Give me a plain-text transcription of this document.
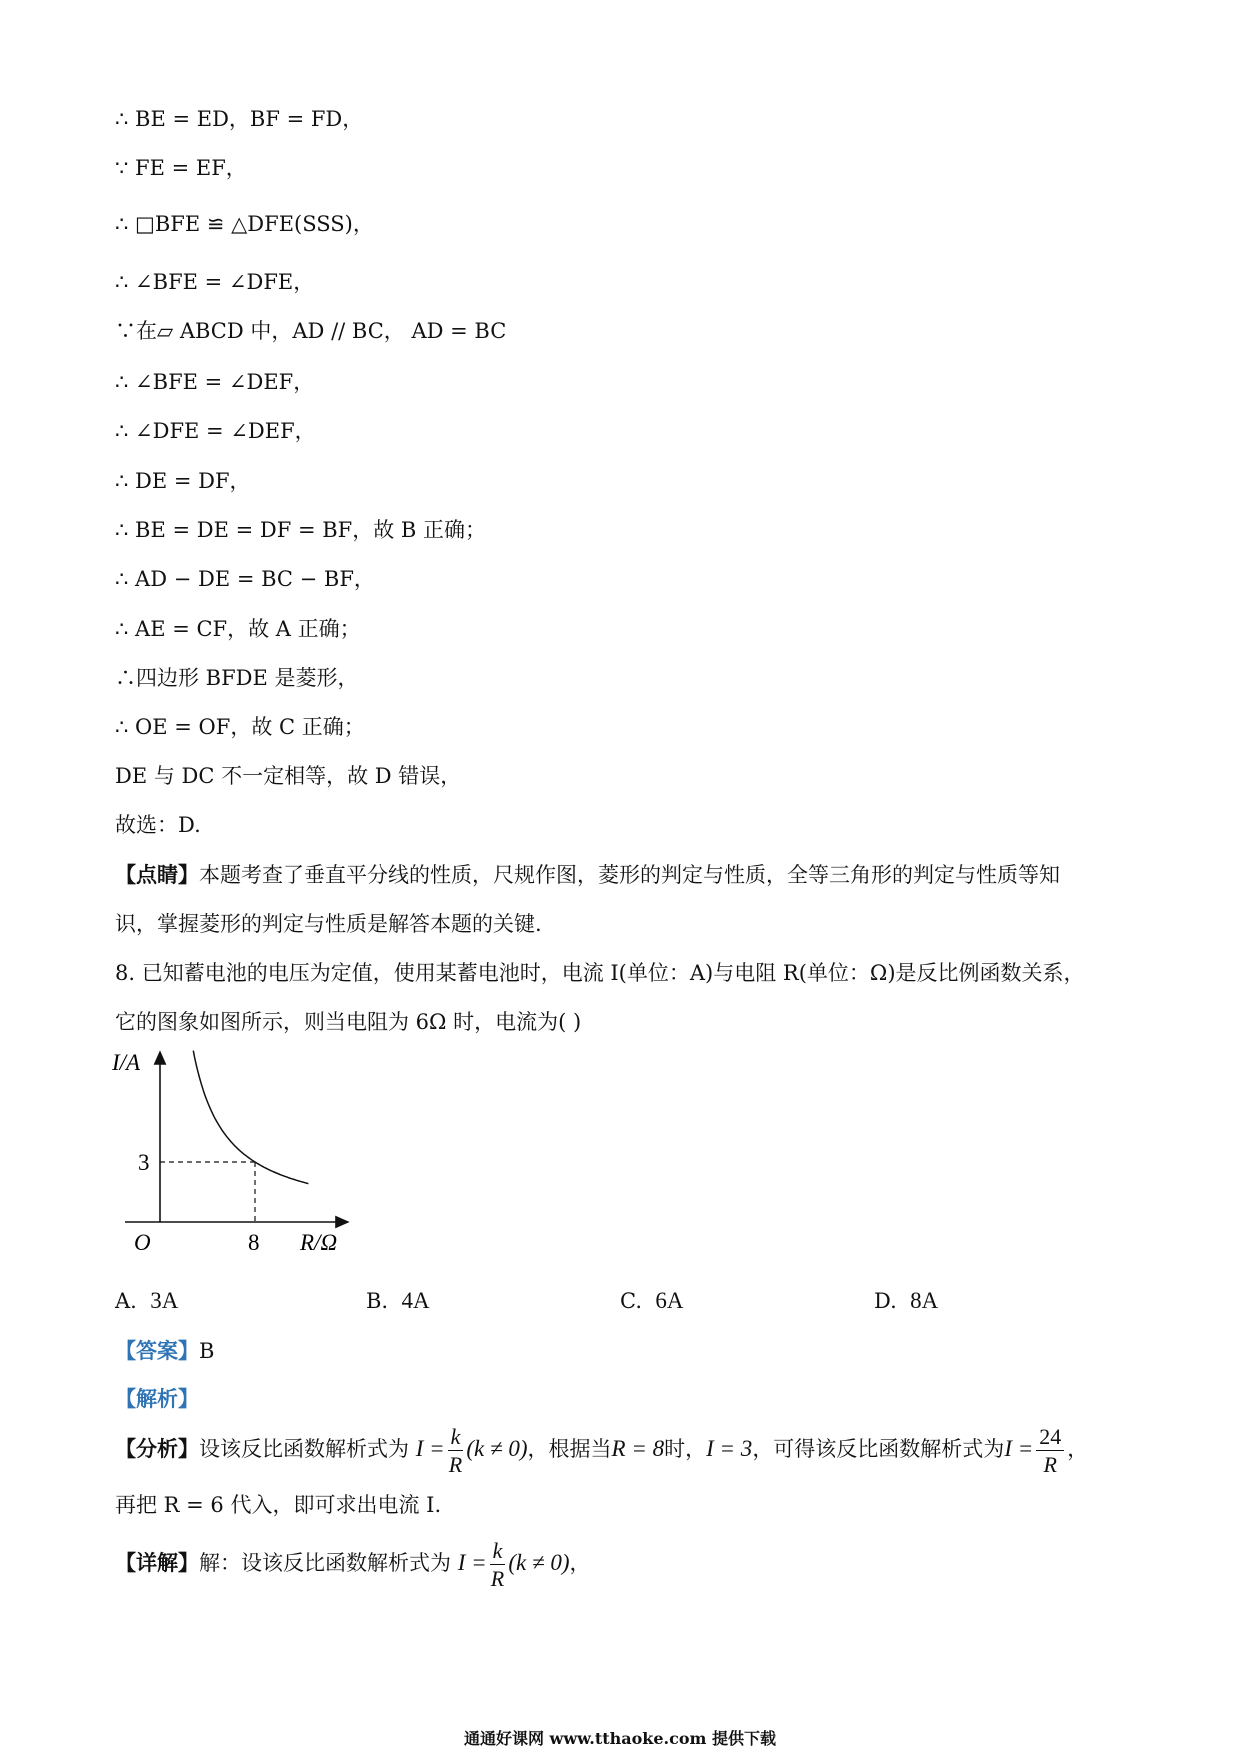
∴ BE = ED，BF = FD，
∵ FE = EF，
∴ □BFE ≌ △DFE(SSS)，
∴ ∠BFE = ∠DFE，
∵在▱ ABCD 中，AD // BC， AD = BC
∴ ∠BFE = ∠DEF，
∴ ∠DFE = ∠DEF，
∴ DE = DF，
∴ BE = DE = DF = BF，故 B 正确；
∴ AD − DE = BC − BF，
∴ AE = CF，故 A 正确；
∴四边形 BFDE 是菱形，
∴ OE = OF，故 C 正确；
DE 与 DC 不一定相等，故 D 错误，
故选：D.
【点睛】本题考查了垂直平分线的性质，尺规作图，菱形的判定与性质，全等三角形的判定与性质等知
识，掌握菱形的判定与性质是解答本题的关键.
8. 已知蓄电池的电压为定值，使用某蓄电池时，电流 I(单位：A)与电阻 R(单位：Ω)是反比例函数关系，
它的图象如图所示，则当电阻为 6Ω 时，电流为( )
I/A
3
O	8 R/Ω
A. 3A	B. 4A	C. 6A	D. 8A
【答案】B
【解析】
【分析】设该反比函数解析式为 $I = \frac{k}{R} (k \ne 0)$，根据当R = 8时，I = 3，可得该反比函数解析式为$I = \frac{24}{R}$ ，
再把 R = 6 代入，即可求出电流 I.
【详解】解：设该反比函数解析式为 $I = \frac{k}{R} (k \ne 0)$，
通通好课网 www.tthaoke.com 提供下载
